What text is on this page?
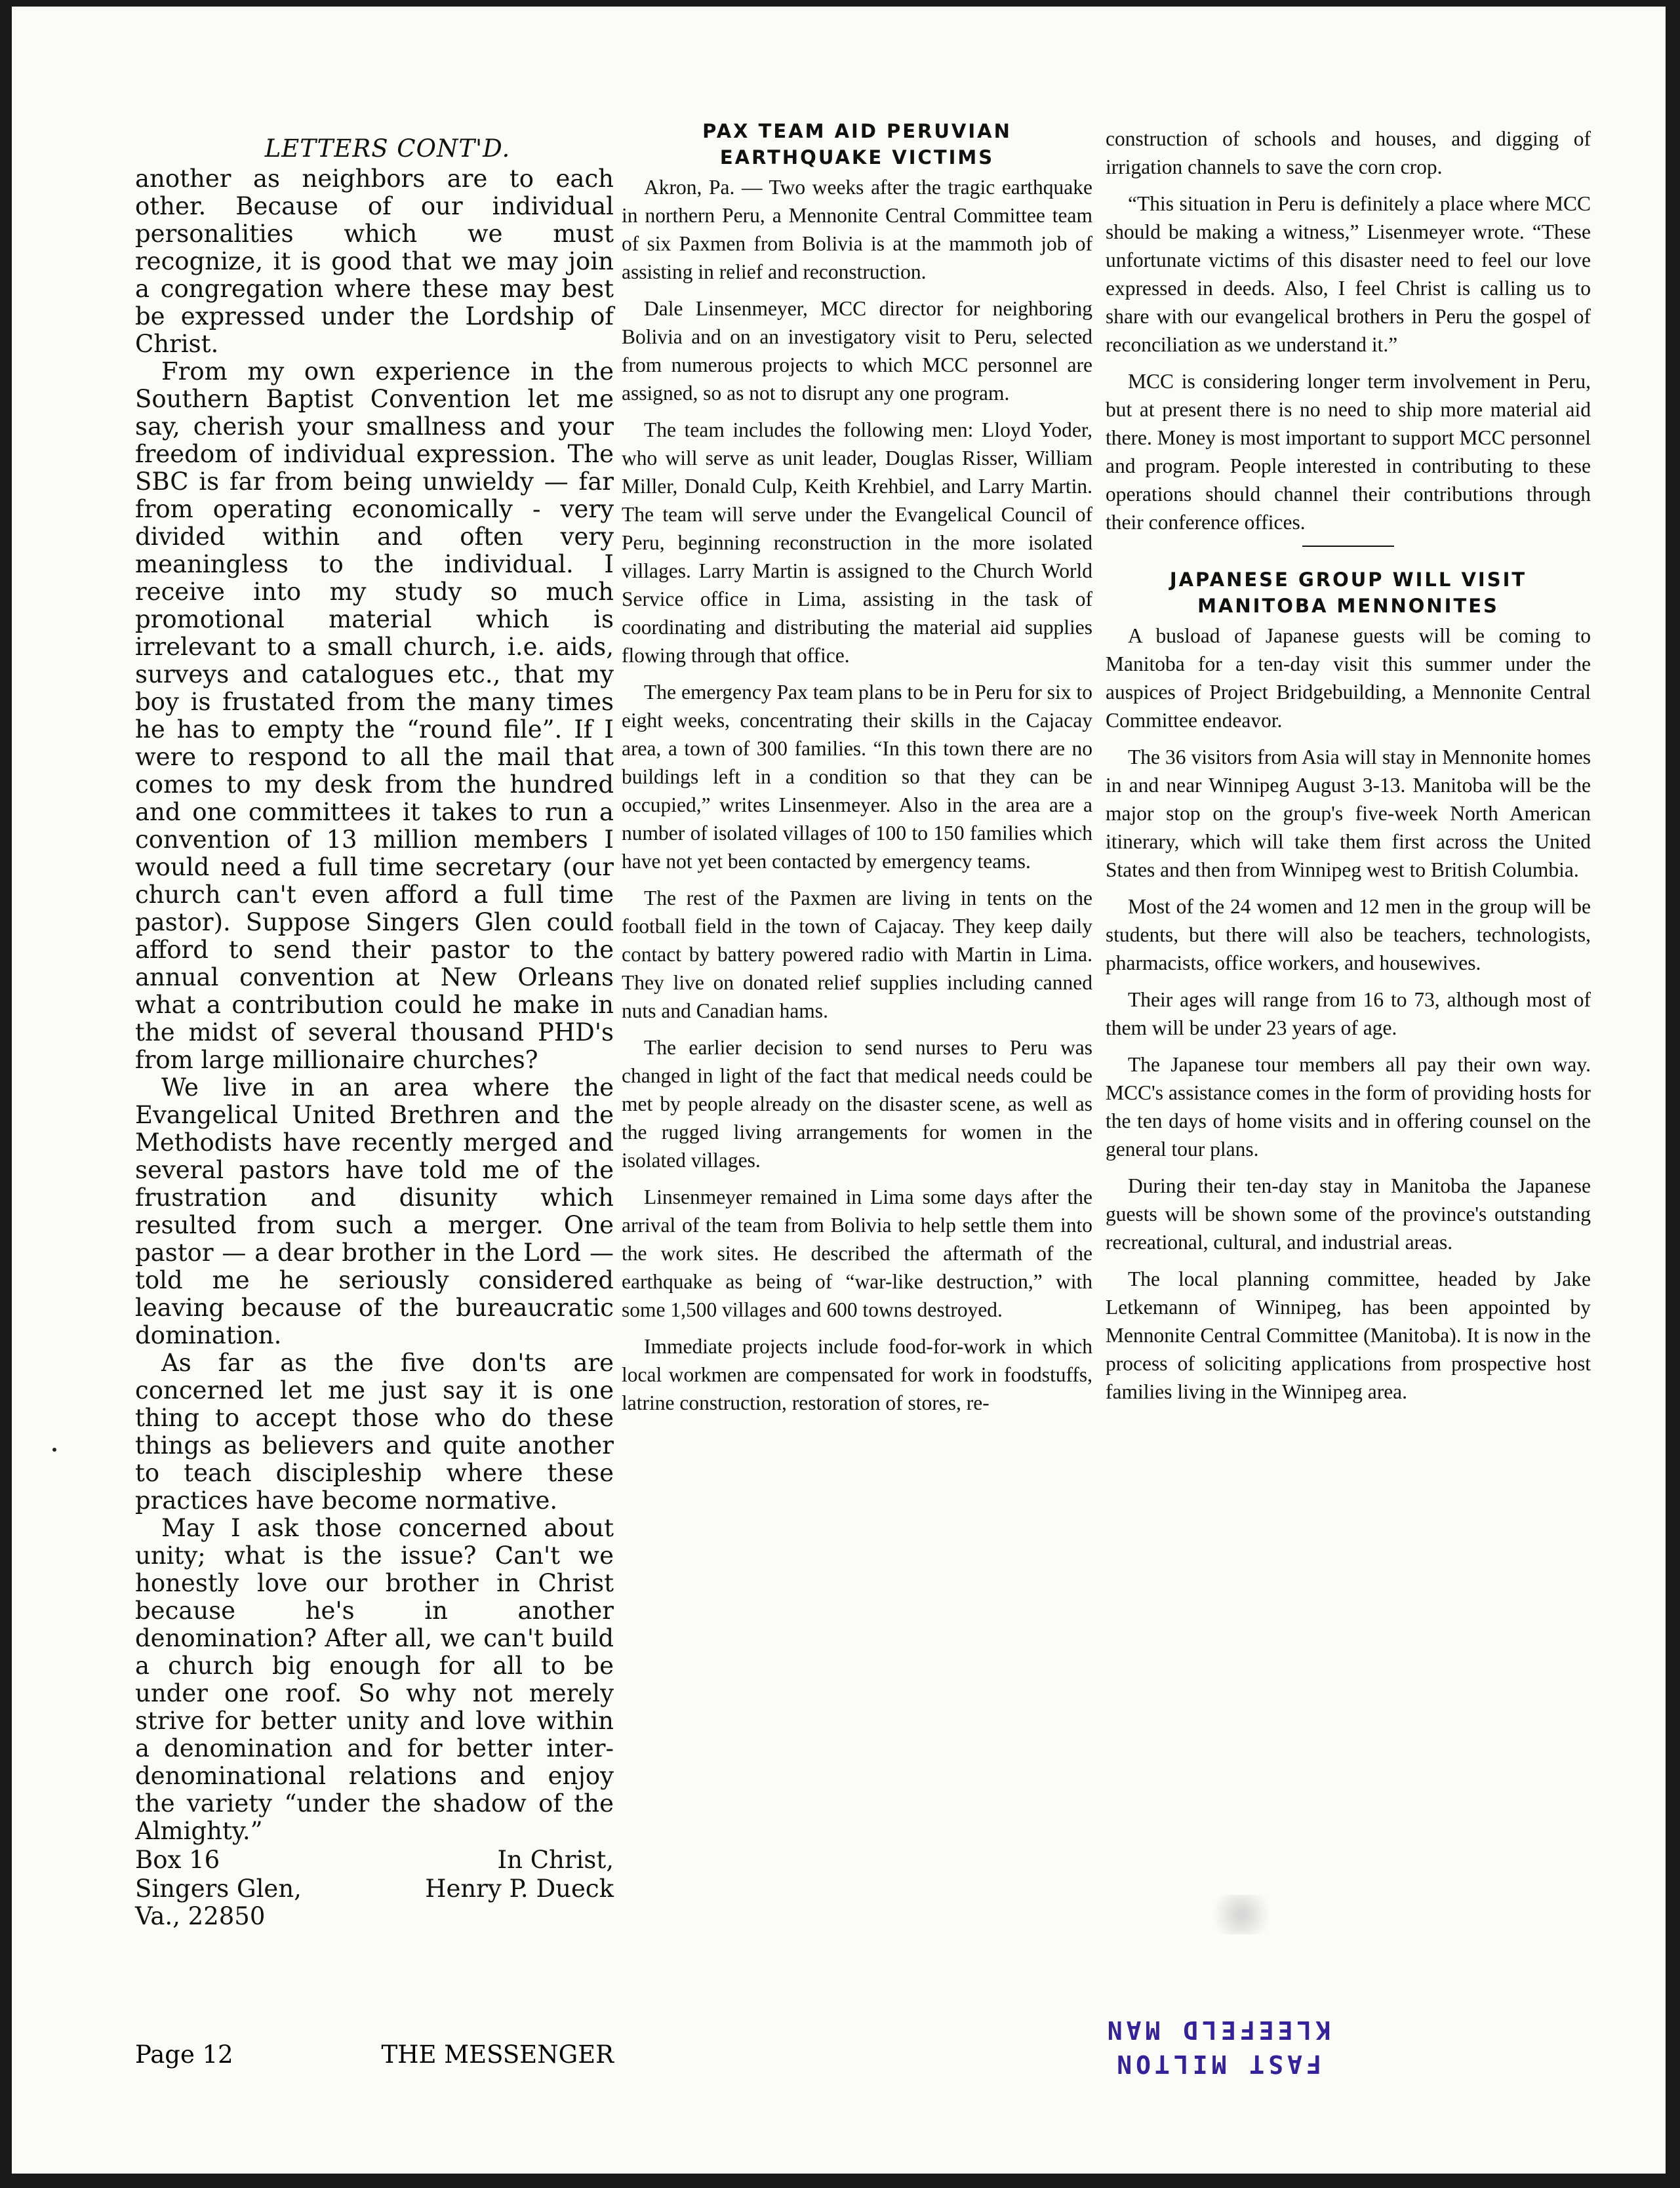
LETTERS CONT'D.

another as neighbors are to each other. Because of our individual personalities which we must recognize, it is good that we may join a congregation where these may best be expressed under the Lordship of Christ.

From my own experience in the Southern Baptist Convention let me say, cherish your smallness and your freedom of individual expression. The SBC is far from being unwieldy — far from operating economically - very divided within and often very meaningless to the individual. I receive into my study so much promotional material which is irrelevant to a small church, i.e. aids, surveys and catalogues etc., that my boy is frustated from the many times he has to empty the “round file”. If I were to respond to all the mail that comes to my desk from the hundred and one committees it takes to run a convention of 13 million members I would need a full time secretary (our church can't even afford a full time pastor). Suppose Singers Glen could afford to send their pastor to the annual convention at New Orleans what a contribution could he make in the midst of several thousand PHD's from large millionaire churches?

We live in an area where the Evangelical United Brethren and the Methodists have recently merged and several pastors have told me of the frustration and disunity which resulted from such a merger. One pastor — a dear brother in the Lord — told me he seriously considered leaving because of the bureaucratic domination.

As far as the five don'ts are concerned let me just say it is one thing to accept those who do these things as believers and quite another to teach discipleship where these practices have become normative.

May I ask those concerned about unity; what is the issue? Can't we honestly love our brother in Christ because he's in another denomination? After all, we can't build a church big enough for all to be under one roof. So why not merely strive for better unity and love within a denomination and for better inter-denominational relations and enjoy the variety “under the shadow of the Almighty.”

Box 16	In Christ,
Singers Glen,	Henry P. Dueck
Va., 22850
Page 12	THE MESSENGER
PAX TEAM AID PERUVIAN
EARTHQUAKE VICTIMS

Akron, Pa. — Two weeks after the tragic earthquake in northern Peru, a Mennonite Central Committee team of six Paxmen from Bolivia is at the mammoth job of assisting in relief and reconstruction.

Dale Linsenmeyer, MCC director for neighboring Bolivia and on an investigatory visit to Peru, selected from numerous projects to which MCC personnel are assigned, so as not to disrupt any one program.

The team includes the following men: Lloyd Yoder, who will serve as unit leader, Douglas Risser, William Miller, Donald Culp, Keith Krehbiel, and Larry Martin. The team will serve under the Evangelical Council of Peru, beginning reconstruction in the more isolated villages. Larry Martin is assigned to the Church World Service office in Lima, assisting in the task of coordinating and distributing the material aid supplies flowing through that office.

The emergency Pax team plans to be in Peru for six to eight weeks, concentrating their skills in the Cajacay area, a town of 300 families. “In this town there are no buildings left in a condition so that they can be occupied,” writes Linsenmeyer. Also in the area are a number of isolated villages of 100 to 150 families which have not yet been contacted by emergency teams.

The rest of the Paxmen are living in tents on the football field in the town of Cajacay. They keep daily contact by battery powered radio with Martin in Lima. They live on donated relief supplies including canned nuts and Canadian hams.

The earlier decision to send nurses to Peru was changed in light of the fact that medical needs could be met by people already on the disaster scene, as well as the rugged living arrangements for women in the isolated villages.

Linsenmeyer remained in Lima some days after the arrival of the team from Bolivia to help settle them into the work sites. He described the aftermath of the earthquake as being of “war-like destruction,” with some 1,500 villages and 600 towns destroyed.

Immediate projects include food-for-work in which local workmen are compensated for work in foodstuffs, latrine construction, restoration of stores, re-

construction of schools and houses, and digging of irrigation channels to save the corn crop.

“This situation in Peru is definitely a place where MCC should be making a witness,” Lisenmeyer wrote. “These unfortunate victims of this disaster need to feel our love expressed in deeds. Also, I feel Christ is calling us to share with our evangelical brothers in Peru the gospel of reconciliation as we understand it.”

MCC is considering longer term involvement in Peru, but at present there is no need to ship more material aid there. Money is most important to support MCC personnel and program. People interested in contributing to these operations should channel their contributions through their conference offices.

JAPANESE GROUP WILL VISIT
MANITOBA MENNONITES

A busload of Japanese guests will be coming to Manitoba for a ten-day visit this summer under the auspices of Project Bridgebuilding, a Mennonite Central Committee endeavor.

The 36 visitors from Asia will stay in Mennonite homes in and near Winnipeg August 3-13. Manitoba will be the major stop on the group's five-week North American itinerary, which will take them first across the United States and then from Winnipeg west to British Columbia.

Most of the 24 women and 12 men in the group will be students, but there will also be teachers, technologists, pharmacists, office workers, and housewives.

Their ages will range from 16 to 73, although most of them will be under 23 years of age.

The Japanese tour members all pay their own way. MCC's assistance comes in the form of providing hosts for the ten days of home visits and in offering counsel on the general tour plans.

During their ten-day stay in Manitoba the Japanese guests will be shown some of the province's outstanding recreational, cultural, and industrial areas.

The local planning committee, headed by Jake Letkemann of Winnipeg, has been appointed by Mennonite Central Committee (Manitoba). It is now in the process of soliciting applications from prospective host families living in the Winnipeg area.

FAST MILTON
KLEEFELD MAN
